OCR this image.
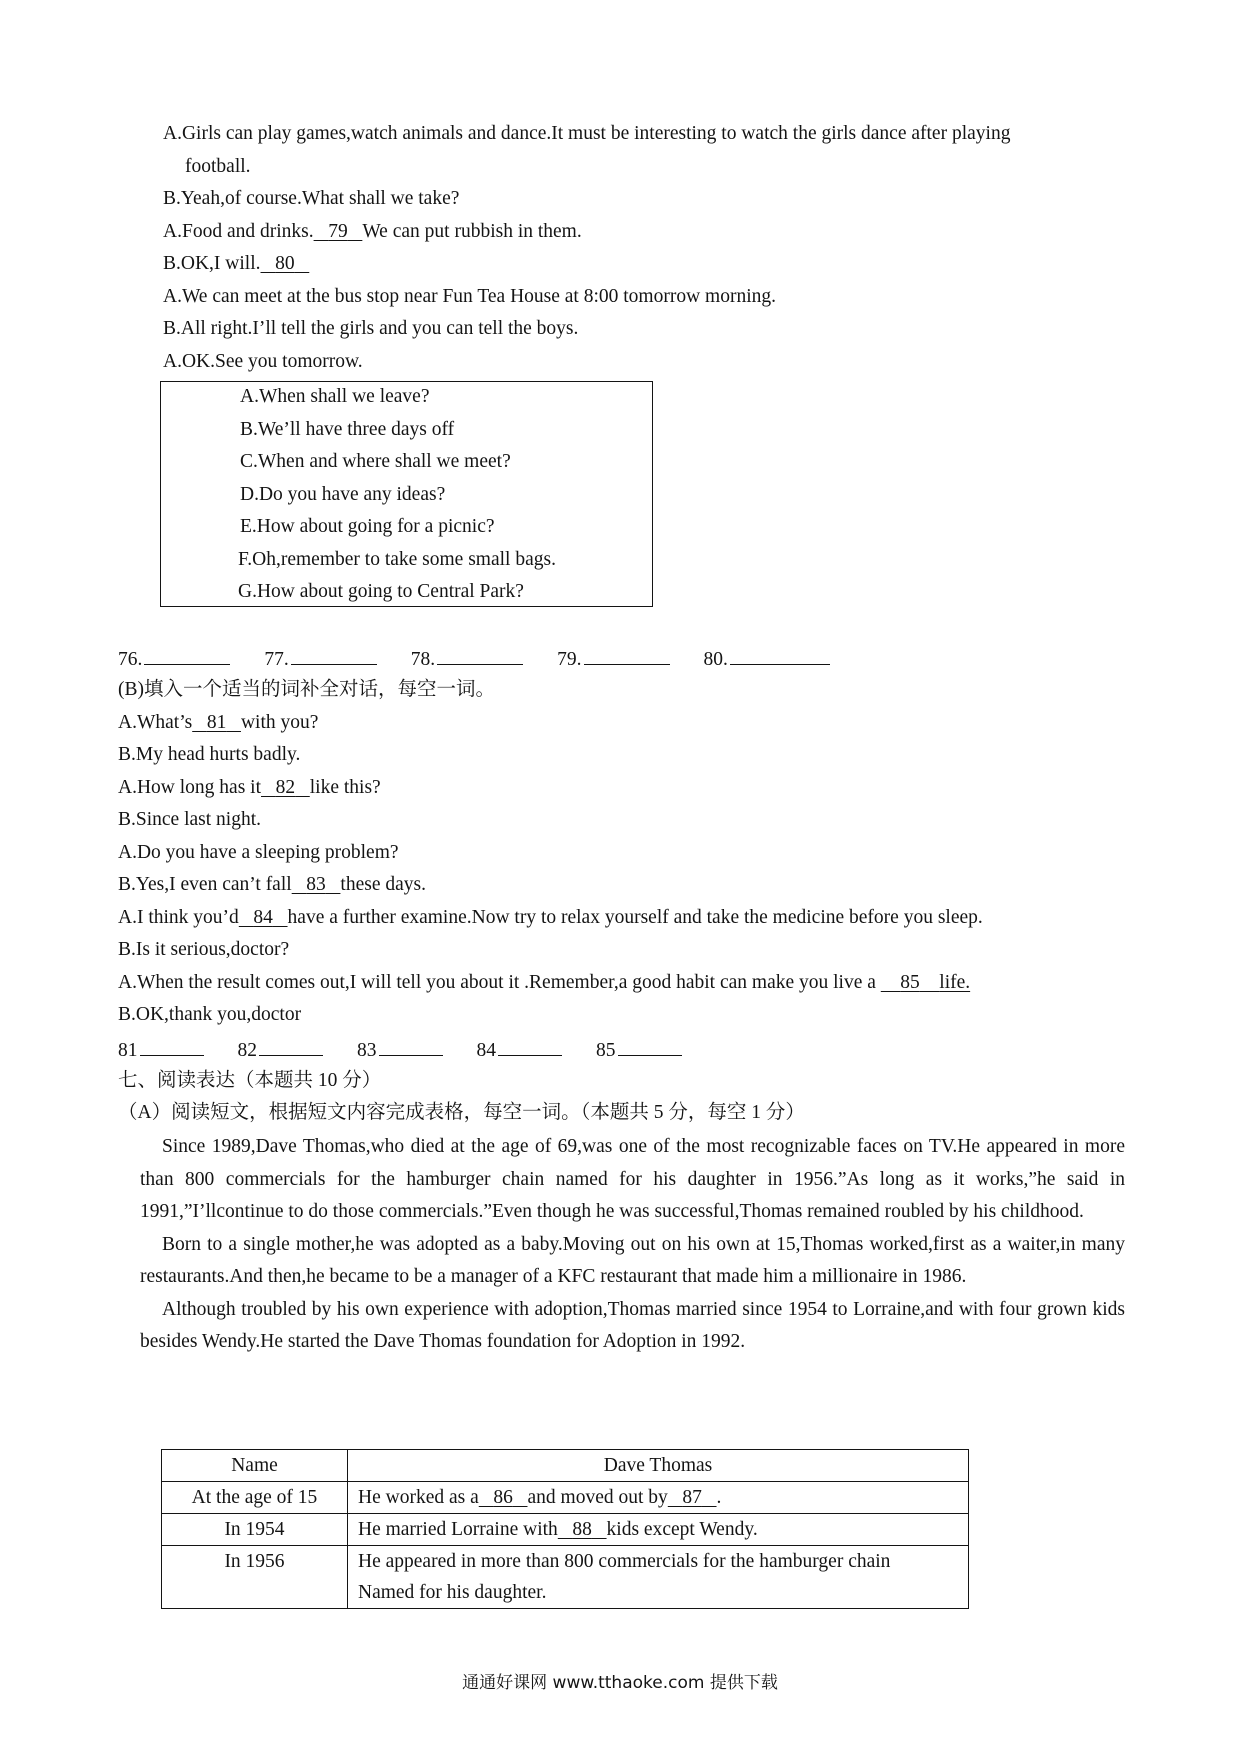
A.Girls can play games,watch animals and dance.It must be interesting to watch the girls dance after playing
football.
B.Yeah,of course.What shall we take?
A.Food and drinks. 79 We can put rubbish in them.
B.OK,I will. 80
A.We can meet at the bus stop near Fun Tea House at 8:00 tomorrow morning.
B.All right.I’ll tell the girls and you can tell the boys.
A.OK.See you tomorrow.
A.When shall we leave?
B.We’ll have three days off
C.When and where shall we meet?
D.Do you have any ideas?
E.How about going for a picnic?
F.Oh,remember to take some small bags.
G.How about going to Central Park?
76.	77.	78.	79.	80.
(B)填入一个适当的词补全对话，每空一词。
A.What’s 81 with you?
B.My head hurts badly.
A.How long has it 82 like this?
B.Since last night.
A.Do you have a sleeping problem?
B.Yes,I even can’t fall 83 these days.
A.I think you’d 84 have a further examine.Now try to relax yourself and take the medicine before you sleep.
B.Is it serious,doctor?
A.When the result comes out,I will tell you about it .Remember,a good habit can make you live a 85 life.
B.OK,thank you,doctor
81	82	83	84	85
七、阅读表达（本题共 10 分）
（A）阅读短文，根据短文内容完成表格，每空一词。（本题共 5 分，每空 1 分）

Since 1989,Dave Thomas,who died at the age of 69,was one of the most recognizable faces on TV.He appeared in more than 800 commercials for the hamburger chain named for his daughter in 1956.”As long as it works,”he said in 1991,”I’llcontinue to do those commercials.”Even though he was successful,Thomas remained roubled by his childhood.

Born to a single mother,he was adopted as a baby.Moving out on his own at 15,Thomas worked,first as a waiter,in many restaurants.And then,he became to be a manager of a KFC restaurant that made him a millionaire in 1986.

Although troubled by his own experience with adoption,Thomas married since 1954 to Lorraine,and with four grown kids besides Wendy.He started the Dave Thomas foundation for Adoption in 1992.

Name	Dave Thomas
At the age of 15	He worked as a 86 and moved out by 87 .
In 1954	He married Lorraine with 88 kids except Wendy.
In 1956	He appeared in more than 800 commercials for the hamburger chain
Named for his daughter.
通通好课网 www.tthaoke.com 提供下载
